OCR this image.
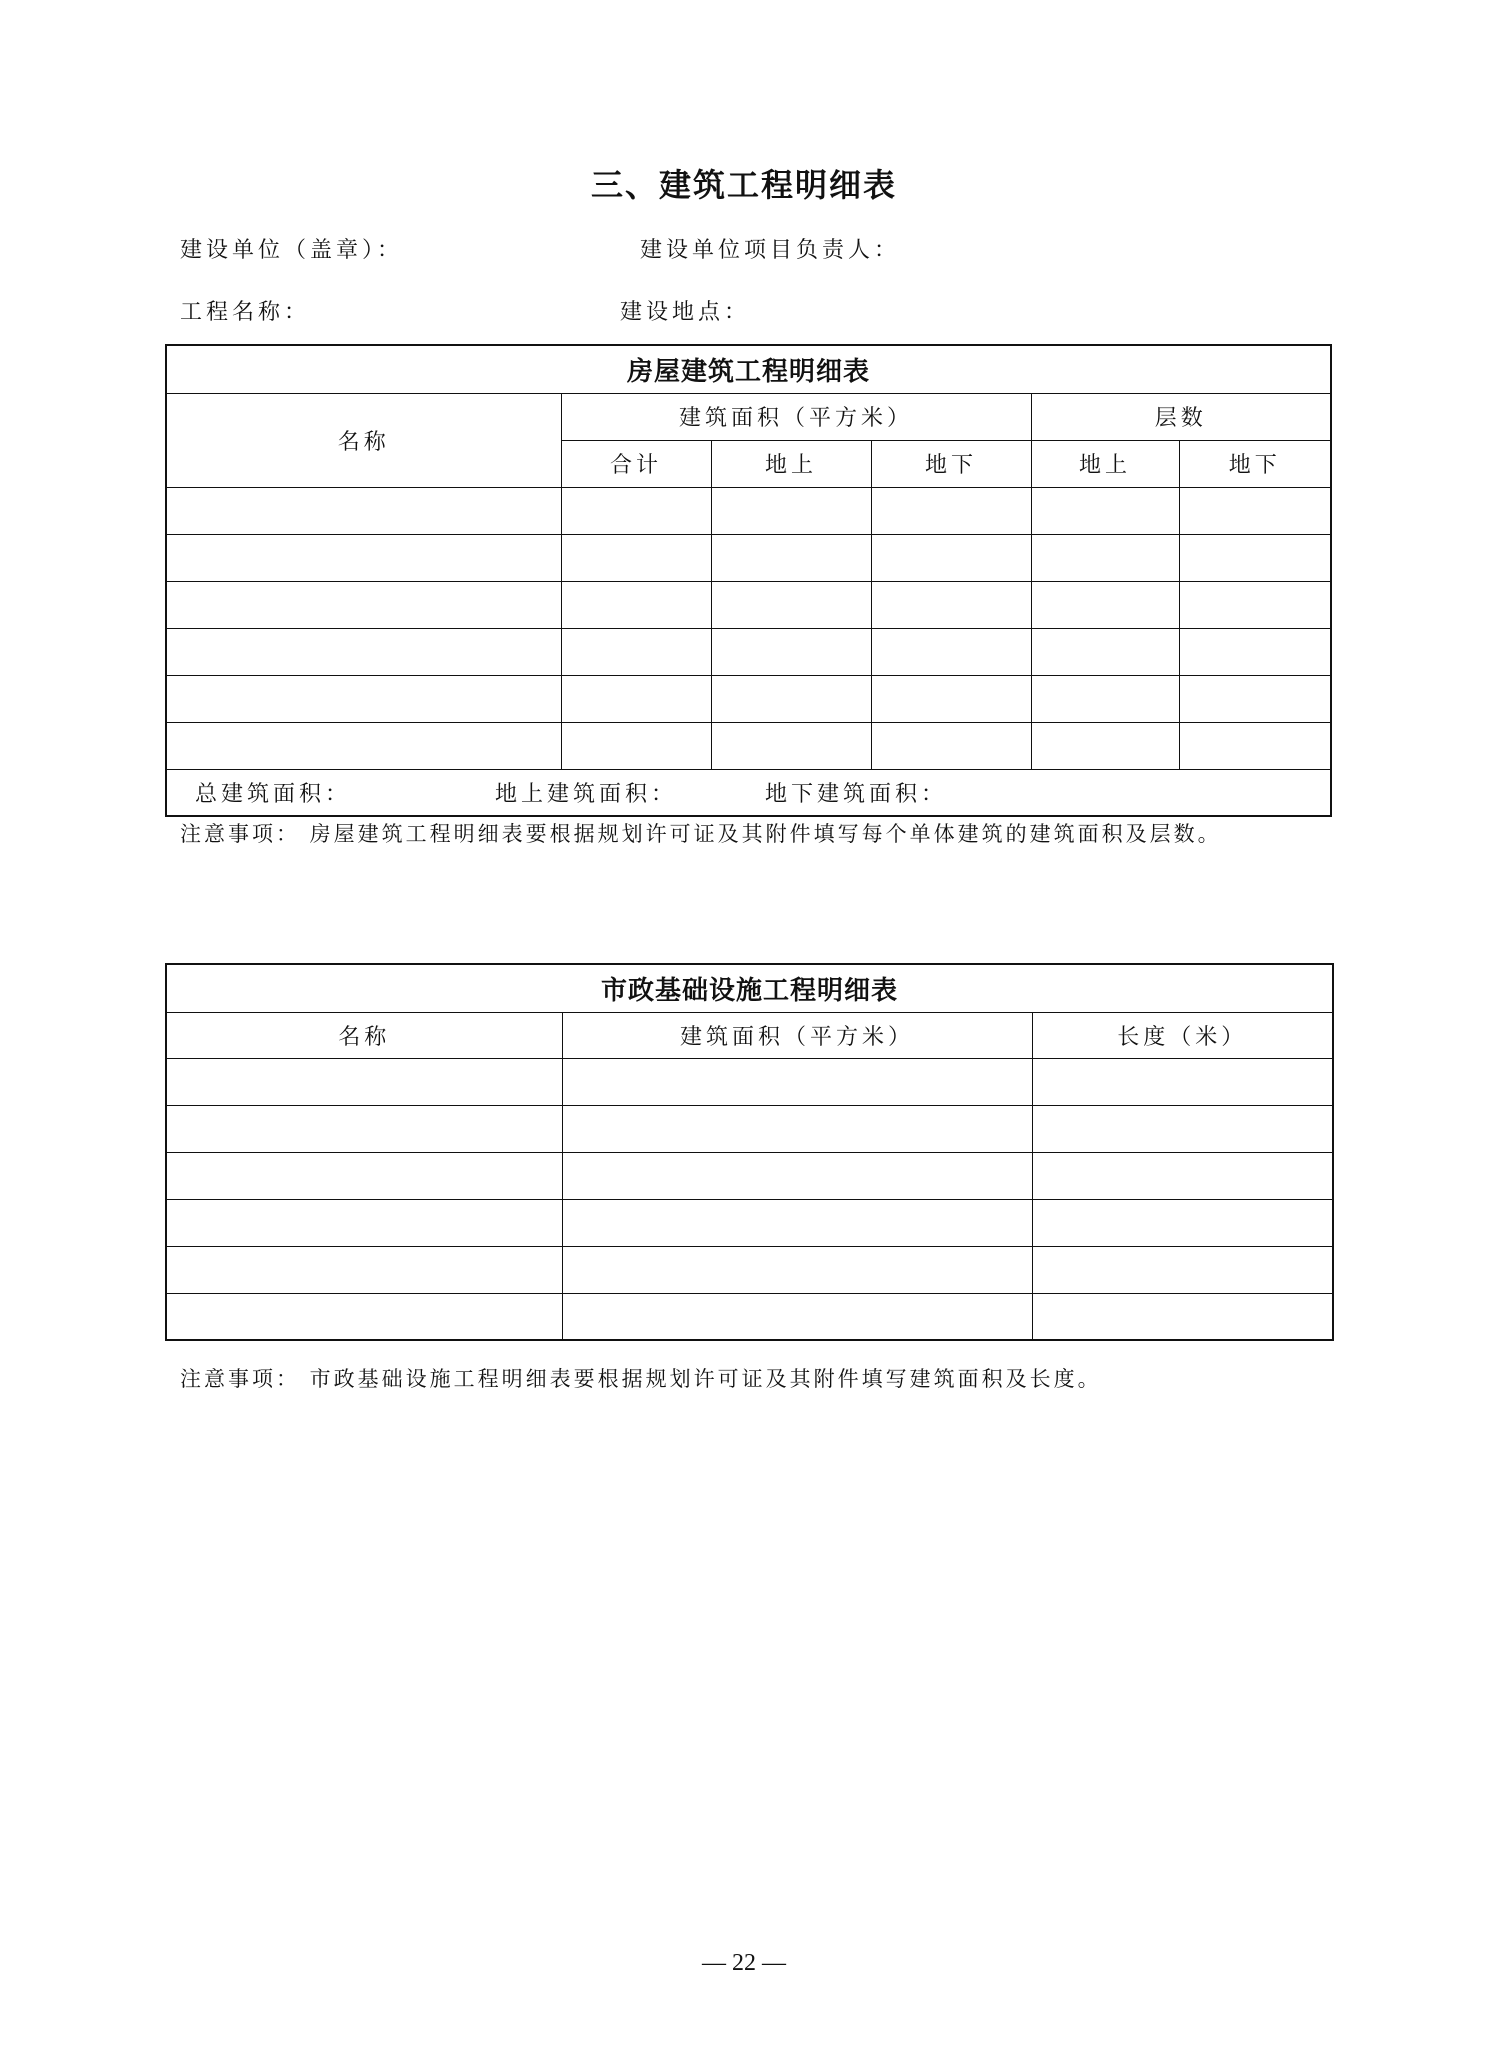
三、建筑工程明细表
建设单位（盖章）：	建设单位项目负责人：
工程名称：	建设地点：
房屋建筑工程明细表					
名称	建筑面积（平方米）			层数	
	合计	地上	地下	地上	地下

总建筑面积： 地上建筑面积： 地下建筑面积：					
注意事项： 房屋建筑工程明细表要根据规划许可证及其附件填写每个单体建筑的建筑面积及层数。
市政基础设施工程明细表		
名称	建筑面积（平方米）	长度（米）

注意事项： 市政基础设施工程明细表要根据规划许可证及其附件填写建筑面积及长度。
— 22 —
